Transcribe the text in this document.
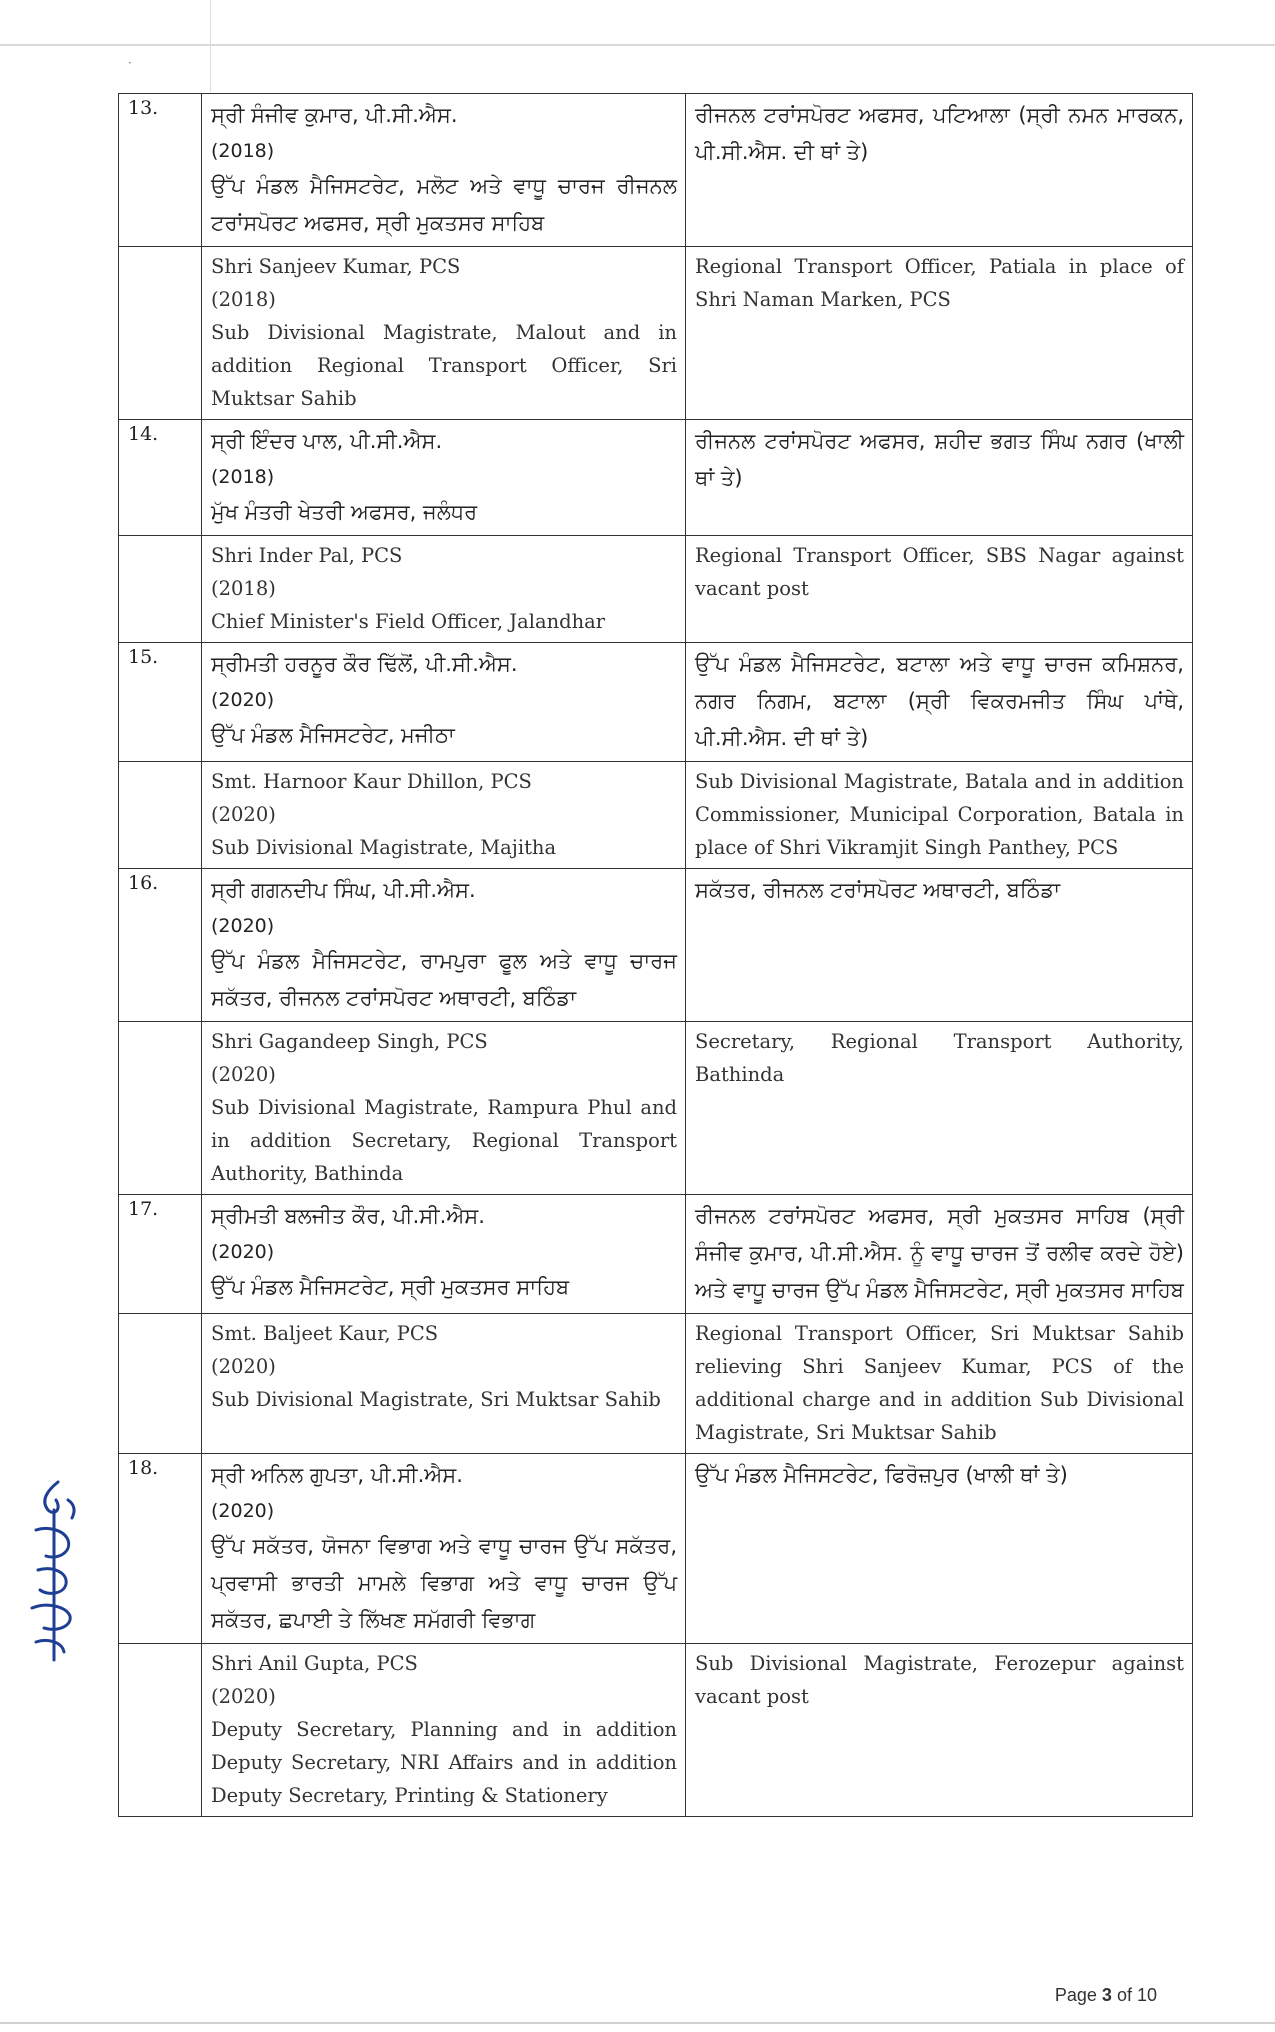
·
13.	ਸ੍ਰੀ ਸੰਜੀਵ ਕੁਮਾਰ, ਪੀ.ਸੀ.ਐਸ.
(2018)
ਉੱਪ ਮੰਡਲ ਮੈਜਿਸਟਰੇਟ, ਮਲੋਟ ਅਤੇ ਵਾਧੂ ਚਾਰਜ ਰੀਜਨਲ ਟਰਾਂਸਪੋਰਟ ਅਫਸਰ, ਸ੍ਰੀ ਮੁਕਤਸਰ ਸਾਹਿਬ	ਰੀਜਨਲ ਟਰਾਂਸਪੋਰਟ ਅਫਸਰ, ਪਟਿਆਲਾ (ਸ੍ਰੀ ਨਮਨ ਮਾਰਕਨ, ਪੀ.ਸੀ.ਐਸ. ਦੀ ਥਾਂ ਤੇ)

	Shri Sanjeev Kumar, PCS
(2018)
Sub Divisional Magistrate, Malout and in addition Regional Transport Officer, Sri Muktsar Sahib	Regional Transport Officer, Patiala in place of Shri Naman Marken, PCS

14.	ਸ੍ਰੀ ਇੰਦਰ ਪਾਲ, ਪੀ.ਸੀ.ਐਸ.
(2018)
ਮੁੱਖ ਮੰਤਰੀ ਖੇਤਰੀ ਅਫਸਰ, ਜਲੰਧਰ	ਰੀਜਨਲ ਟਰਾਂਸਪੋਰਟ ਅਫਸਰ, ਸ਼ਹੀਦ ਭਗਤ ਸਿੰਘ ਨਗਰ (ਖਾਲੀ ਥਾਂ ਤੇ)

	Shri Inder Pal, PCS
(2018)
Chief Minister's Field Officer, Jalandhar	Regional Transport Officer, SBS Nagar against vacant post

15.	ਸ੍ਰੀਮਤੀ ਹਰਨੂਰ ਕੌਰ ਢਿੱਲੋਂ, ਪੀ.ਸੀ.ਐਸ.
(2020)
ਉੱਪ ਮੰਡਲ ਮੈਜਿਸਟਰੇਟ, ਮਜੀਠਾ	ਉੱਪ ਮੰਡਲ ਮੈਜਿਸਟਰੇਟ, ਬਟਾਲਾ ਅਤੇ ਵਾਧੂ ਚਾਰਜ ਕਮਿਸ਼ਨਰ, ਨਗਰ ਨਿਗਮ, ਬਟਾਲਾ (ਸ੍ਰੀ ਵਿਕਰਮਜੀਤ ਸਿੰਘ ਪਾਂਥੇ, ਪੀ.ਸੀ.ਐਸ. ਦੀ ਥਾਂ ਤੇ)

	Smt. Harnoor Kaur Dhillon, PCS
(2020)
Sub Divisional Magistrate, Majitha	Sub Divisional Magistrate, Batala and in addition Commissioner, Municipal Corporation, Batala in place of Shri Vikramjit Singh Panthey, PCS

16.	ਸ੍ਰੀ ਗਗਨਦੀਪ ਸਿੰਘ, ਪੀ.ਸੀ.ਐਸ.
(2020)
ਉੱਪ ਮੰਡਲ ਮੈਜਿਸਟਰੇਟ, ਰਾਮਪੁਰਾ ਫੂਲ ਅਤੇ ਵਾਧੂ ਚਾਰਜ ਸਕੱਤਰ, ਰੀਜਨਲ ਟਰਾਂਸਪੋਰਟ ਅਥਾਰਟੀ, ਬਠਿੰਡਾ	ਸਕੱਤਰ, ਰੀਜਨਲ ਟਰਾਂਸਪੋਰਟ ਅਥਾਰਟੀ, ਬਠਿੰਡਾ

	Shri Gagandeep Singh, PCS
(2020)
Sub Divisional Magistrate, Rampura Phul and in addition Secretary, Regional Transport Authority, Bathinda	Secretary, Regional Transport Authority, Bathinda

17.	ਸ੍ਰੀਮਤੀ ਬਲਜੀਤ ਕੌਰ, ਪੀ.ਸੀ.ਐਸ.
(2020)
ਉੱਪ ਮੰਡਲ ਮੈਜਿਸਟਰੇਟ, ਸ੍ਰੀ ਮੁਕਤਸਰ ਸਾਹਿਬ	ਰੀਜਨਲ ਟਰਾਂਸਪੋਰਟ ਅਫਸਰ, ਸ੍ਰੀ ਮੁਕਤਸਰ ਸਾਹਿਬ (ਸ੍ਰੀ ਸੰਜੀਵ ਕੁਮਾਰ, ਪੀ.ਸੀ.ਐਸ. ਨੂੰ ਵਾਧੂ ਚਾਰਜ ਤੋਂ ਰਲੀਵ ਕਰਦੇ ਹੋਏ) ਅਤੇ ਵਾਧੂ ਚਾਰਜ ਉੱਪ ਮੰਡਲ ਮੈਜਿਸਟਰੇਟ, ਸ੍ਰੀ ਮੁਕਤਸਰ ਸਾਹਿਬ

	Smt. Baljeet Kaur, PCS
(2020)
Sub Divisional Magistrate, Sri Muktsar Sahib	Regional Transport Officer, Sri Muktsar Sahib relieving Shri Sanjeev Kumar, PCS of the additional charge and in addition Sub Divisional Magistrate, Sri Muktsar Sahib

18.	ਸ੍ਰੀ ਅਨਿਲ ਗੁਪਤਾ, ਪੀ.ਸੀ.ਐਸ.
(2020)
ਉੱਪ ਸਕੱਤਰ, ਯੋਜਨਾ ਵਿਭਾਗ ਅਤੇ ਵਾਧੂ ਚਾਰਜ ਉੱਪ ਸਕੱਤਰ, ਪ੍ਰਵਾਸੀ ਭਾਰਤੀ ਮਾਮਲੇ ਵਿਭਾਗ ਅਤੇ ਵਾਧੂ ਚਾਰਜ ਉੱਪ ਸਕੱਤਰ, ਛਪਾਈ ਤੇ ਲਿੱਖਣ ਸਮੱਗਰੀ ਵਿਭਾਗ	ਉੱਪ ਮੰਡਲ ਮੈਜਿਸਟਰੇਟ, ਫਿਰੋਜ਼ਪੁਰ (ਖਾਲੀ ਥਾਂ ਤੇ)

	Shri Anil Gupta, PCS
(2020)
Deputy Secretary, Planning and in addition Deputy Secretary, NRI Affairs and in addition Deputy Secretary, Printing & Stationery	Sub Divisional Magistrate, Ferozepur against vacant post
Page 3 of 10
